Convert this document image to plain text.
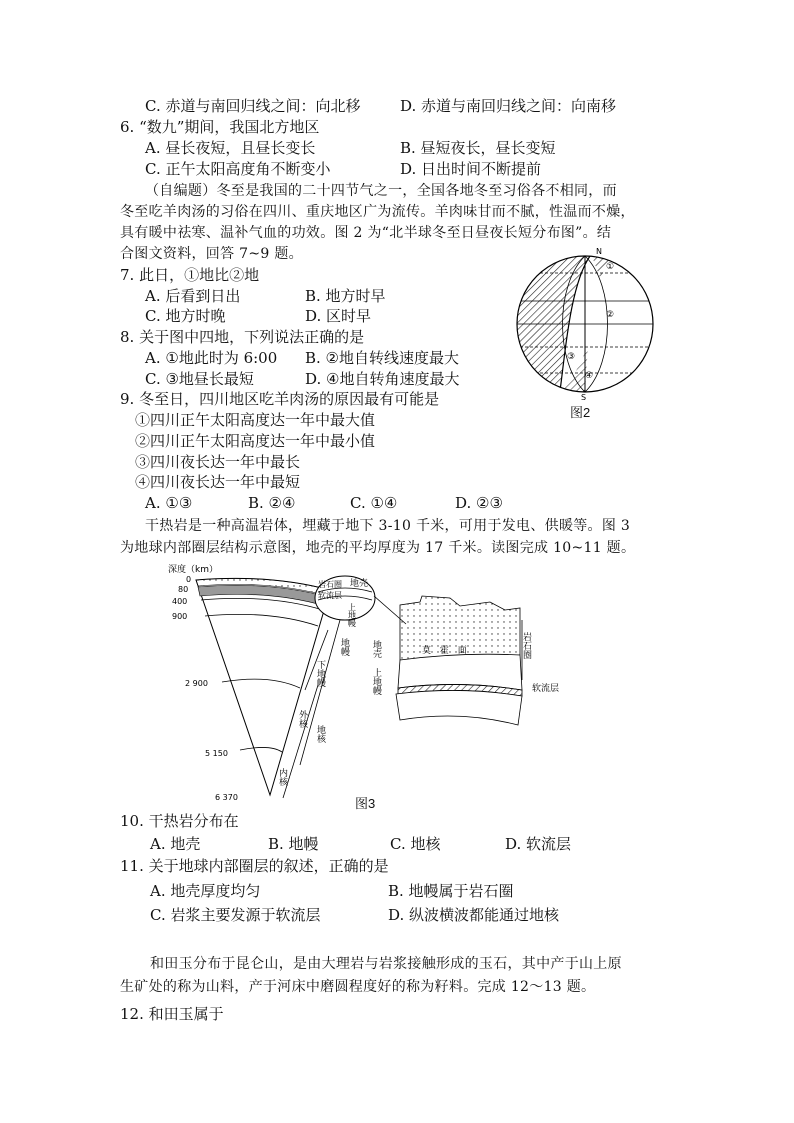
C. 赤道与南回归线之间：向北移	D. 赤道与南回归线之间：向南移
6. “数九”期间，我国北方地区
A. 昼长夜短，且昼长变长	B. 昼短夜长，昼长变短
C. 正午太阳高度角不断变小	D. 日出时间不断提前
（自编题）冬至是我国的二十四节气之一，全国各地冬至习俗各不相同，而
冬至吃羊肉汤的习俗在四川、重庆地区广为流传。羊肉味甘而不腻，性温而不燥，
具有暖中祛寒、温补气血的功效。图 2 为“北半球冬至日昼夜长短分布图”。结
合图文资料，回答 7~9 题。
7. 此日，①地比②地
A. 后看到日出	B. 地方时早
C. 地方时晚	D. 区时早
8. 关于图中四地，下列说法正确的是
A. ①地此时为 6:00 B. ②地自转线速度最大
C. ③地昼长最短	D. ④地自转角速度最大
9. 冬至日，四川地区吃羊肉汤的原因最有可能是
①四川正午太阳高度达一年中最大值
②四川正午太阳高度达一年中最小值
③四川夜长达一年中最长
④四川夜长达一年中最短
A. ①③	B. ②④	C. ①④	D. ②③
N
①
②
③
④
S
图2
干热岩是一种高温岩体，埋藏于地下 3-10 千米，可用于发电、供暖等。图 3
为地球内部圈层结构示意图，地壳的平均厚度为 17 千米。读图完成 10~11 题。
深度（km）
0
80
400
900
2 900
5 150
6 370
岩石圈
软流层
地壳
上地幔
下地幔
地幔
外核
地核
内核
莫 霍 面
地壳
上地幔
岩石圈
软流层
图3
10. 干热岩分布在
A. 地壳	B. 地幔	C. 地核	D. 软流层
11. 关于地球内部圈层的叙述，正确的是
A. 地壳厚度均匀	B. 地幔属于岩石圈
C. 岩浆主要发源于软流层	D. 纵波横波都能通过地核
和田玉分布于昆仑山，是由大理岩与岩浆接触形成的玉石，其中产于山上原
生矿处的称为山料，产于河床中磨圆程度好的称为籽料。完成 12～13 题。
12. 和田玉属于
